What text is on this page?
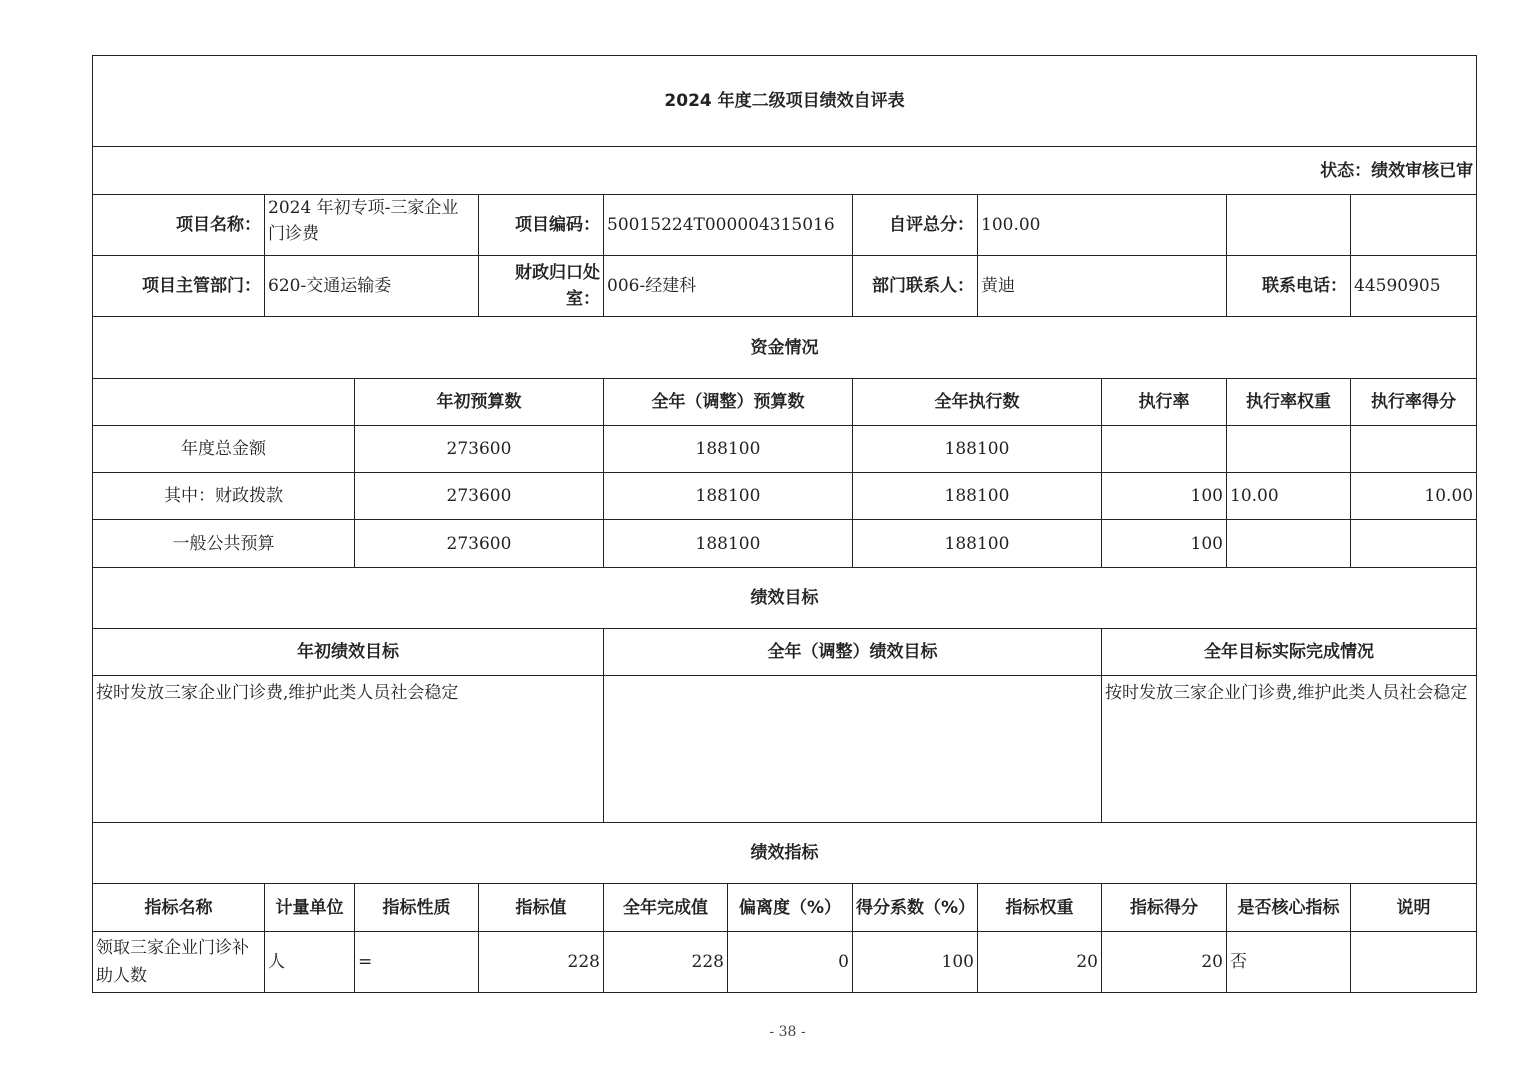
2024 年度二级项目绩效自评表										
状态：绩效审核已审										
项目名称：	2024 年初专项-三家企业门诊费		项目编码：	50015224T000004315016		自评总分：	100.00			
项目主管部门：	620-交通运输委		财政归口处室：	006-经建科		部门联系人：	黄迪		联系电话：	44590905
资金情况										
		年初预算数		全年（调整）预算数		全年执行数		执行率	执行率权重	执行率得分
年度总金额		273600		188100		188100				
其中：财政拨款		273600		188100		188100		100	10.00	10.00
一般公共预算		273600		188100		188100		100		
绩效目标										
年初绩效目标				全年（调整）绩效目标				全年目标实际完成情况		
按时发放三家企业门诊费,维护此类人员社会稳定								按时发放三家企业门诊费,维护此类人员社会稳定		
绩效指标										
指标名称	计量单位	指标性质	指标值	全年完成值	偏离度（%）	得分系数（%）	指标权重	指标得分	是否核心指标	说明
领取三家企业门诊补助人数	人	=	228	228	0	100	20	20	否	
- 38 -
